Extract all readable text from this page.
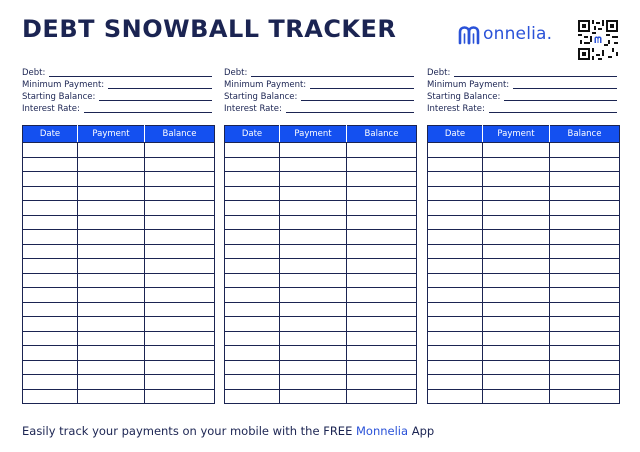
DEBT SNOWBALL TRACKER	onnelia.
Debt:
Minimum Payment:
Starting Balance:
Interest Rate:
Date	Payment	Balance

Debt:
Minimum Payment:
Starting Balance:
Interest Rate:
Date	Payment	Balance

Debt:
Minimum Payment:
Starting Balance:
Interest Rate:
Date	Payment	Balance

Easily track your payments on your mobile with the FREE Monnelia App
